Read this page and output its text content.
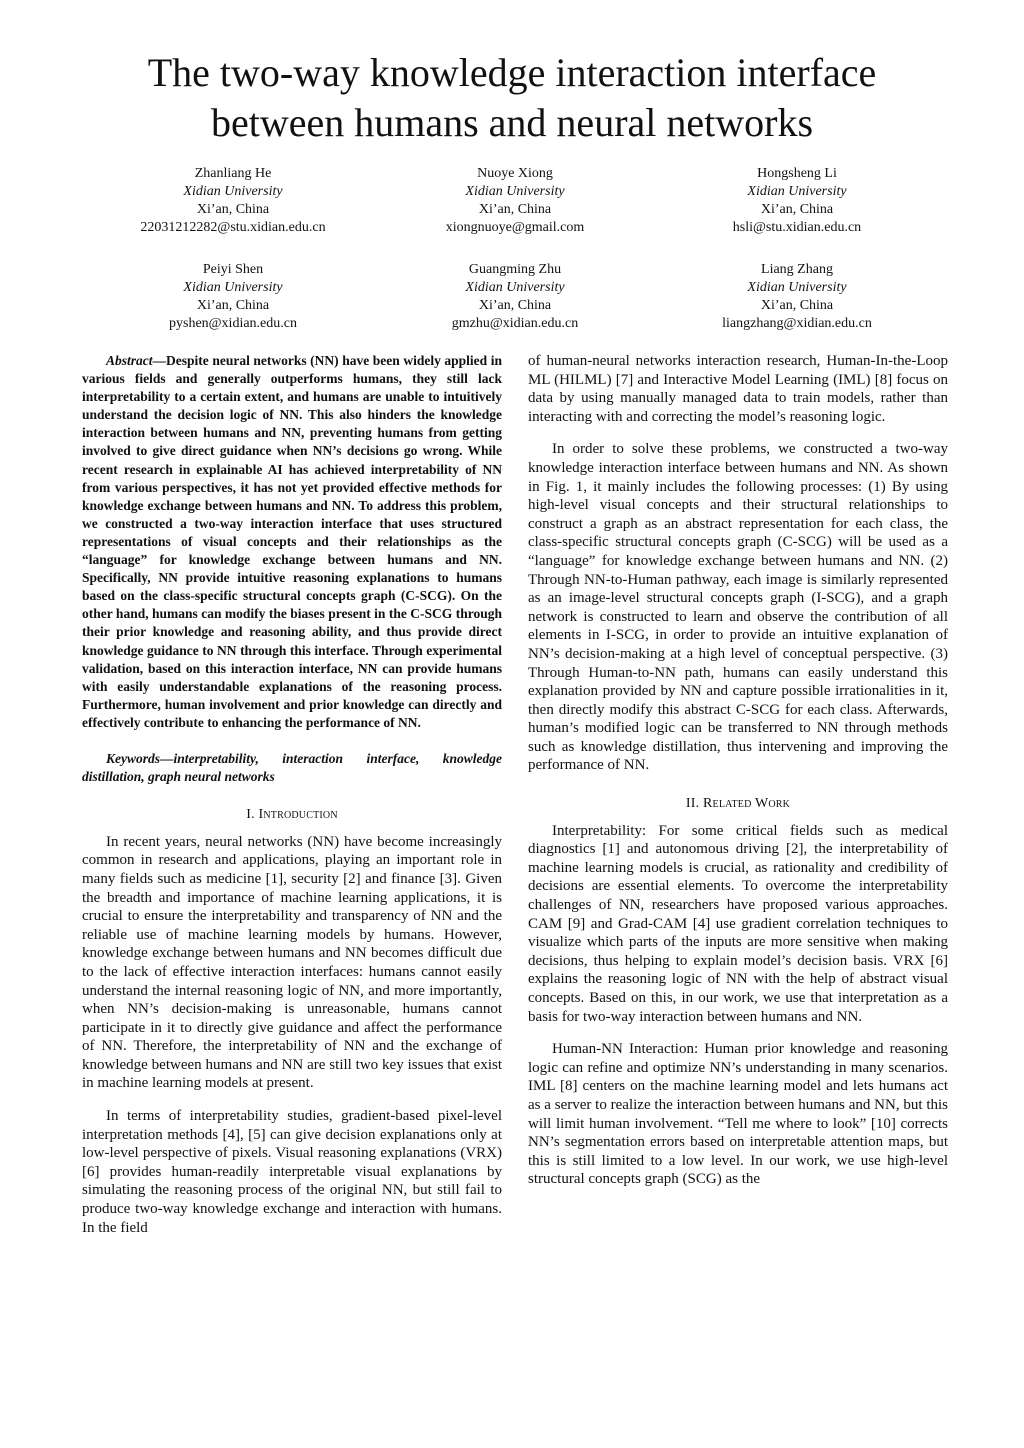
The two-way knowledge interaction interface
between humans and neural networks
Zhanliang He
Xidian University
Xi’an, China
22031212282@stu.xidian.edu.cn
Nuoye Xiong
Xidian University
Xi’an, China
xiongnuoye@gmail.com
Hongsheng Li
Xidian University
Xi’an, China
hsli@stu.xidian.edu.cn
Peiyi Shen
Xidian University
Xi’an, China
pyshen@xidian.edu.cn
Guangming Zhu
Xidian University
Xi’an, China
gmzhu@xidian.edu.cn
Liang Zhang
Xidian University
Xi’an, China
liangzhang@xidian.edu.cn

Abstract—Despite neural networks (NN) have been widely applied in various fields and generally outperforms humans, they still lack interpretability to a certain extent, and humans are unable to intuitively understand the decision logic of NN. This also hinders the knowledge interaction between humans and NN, preventing humans from getting involved to give direct guidance when NN’s decisions go wrong. While recent research in explainable AI has achieved interpretability of NN from various perspectives, it has not yet provided effective methods for knowledge exchange between humans and NN. To address this problem, we constructed a two-way interaction interface that uses structured representations of visual concepts and their relationships as the “language” for knowledge exchange between humans and NN. Specifically, NN provide intuitive reasoning explanations to humans based on the class-specific structural concepts graph (C-SCG). On the other hand, humans can modify the biases present in the C-SCG through their prior knowledge and reasoning ability, and thus provide direct knowledge guidance to NN through this interface. Through experimental validation, based on this interaction interface, NN can provide humans with easily understandable explanations of the reasoning process. Furthermore, human involvement and prior knowledge can directly and effectively contribute to enhancing the performance of NN.

Keywords—interpretability, interaction interface, knowledge distillation, graph neural networks

I. Introduction

In recent years, neural networks (NN) have become increasingly common in research and applications, playing an important role in many fields such as medicine [1], security [2] and finance [3]. Given the breadth and importance of machine learning applications, it is crucial to ensure the interpretability and transparency of NN and the reliable use of machine learning models by humans. However, knowledge exchange between humans and NN becomes difficult due to the lack of effective interaction interfaces: humans cannot easily understand the internal reasoning logic of NN, and more importantly, when NN’s decision-making is unreasonable, humans cannot participate in it to directly give guidance and affect the performance of NN. Therefore, the interpretability of NN and the exchange of knowledge between humans and NN are still two key issues that exist in machine learning models at present.

In terms of interpretability studies, gradient-based pixel-level interpretation methods [4], [5] can give decision explanations only at low-level perspective of pixels. Visual reasoning explanations (VRX) [6] provides human-readily interpretable visual explanations by simulating the reasoning process of the original NN, but still fail to produce two-way knowledge exchange and interaction with humans. In the field

of human-neural networks interaction research, Human-In-the-Loop ML (HILML) [7] and Interactive Model Learning (IML) [8] focus on data by using manually managed data to train models, rather than interacting with and correcting the model’s reasoning logic.

In order to solve these problems, we constructed a two-way knowledge interaction interface between humans and NN. As shown in Fig. 1, it mainly includes the following processes: (1) By using high-level visual concepts and their structural relationships to construct a graph as an abstract representation for each class, the class-specific structural concepts graph (C-SCG) will be used as a “language” for knowledge exchange between humans and NN. (2) Through NN-to-Human pathway, each image is similarly represented as an image-level structural concepts graph (I-SCG), and a graph network is constructed to learn and observe the contribution of all elements in I-SCG, in order to provide an intuitive explanation of NN’s decision-making at a high level of conceptual perspective. (3) Through Human-to-NN path, humans can easily understand this explanation provided by NN and capture possible irrationalities in it, then directly modify this abstract C-SCG for each class. Afterwards, human’s modified logic can be transferred to NN through methods such as knowledge distillation, thus intervening and improving the performance of NN.

II. Related Work

Interpretability: For some critical fields such as medical diagnostics [1] and autonomous driving [2], the interpretability of machine learning models is crucial, as rationality and credibility of decisions are essential elements. To overcome the interpretability challenges of NN, researchers have proposed various approaches. CAM [9] and Grad-CAM [4] use gradient correlation techniques to visualize which parts of the inputs are more sensitive when making decisions, thus helping to explain model’s decision basis. VRX [6] explains the reasoning logic of NN with the help of abstract visual concepts. Based on this, in our work, we use that interpretation as a basis for two-way interaction between humans and NN.

Human-NN Interaction: Human prior knowledge and reasoning logic can refine and optimize NN’s understanding in many scenarios. IML [8] centers on the machine learning model and lets humans act as a server to realize the interaction between humans and NN, but this will limit human involvement. “Tell me where to look” [10] corrects NN’s segmentation errors based on interpretable attention maps, but this is still limited to a low level. In our work, we use high-level structural concepts graph (SCG) as the
